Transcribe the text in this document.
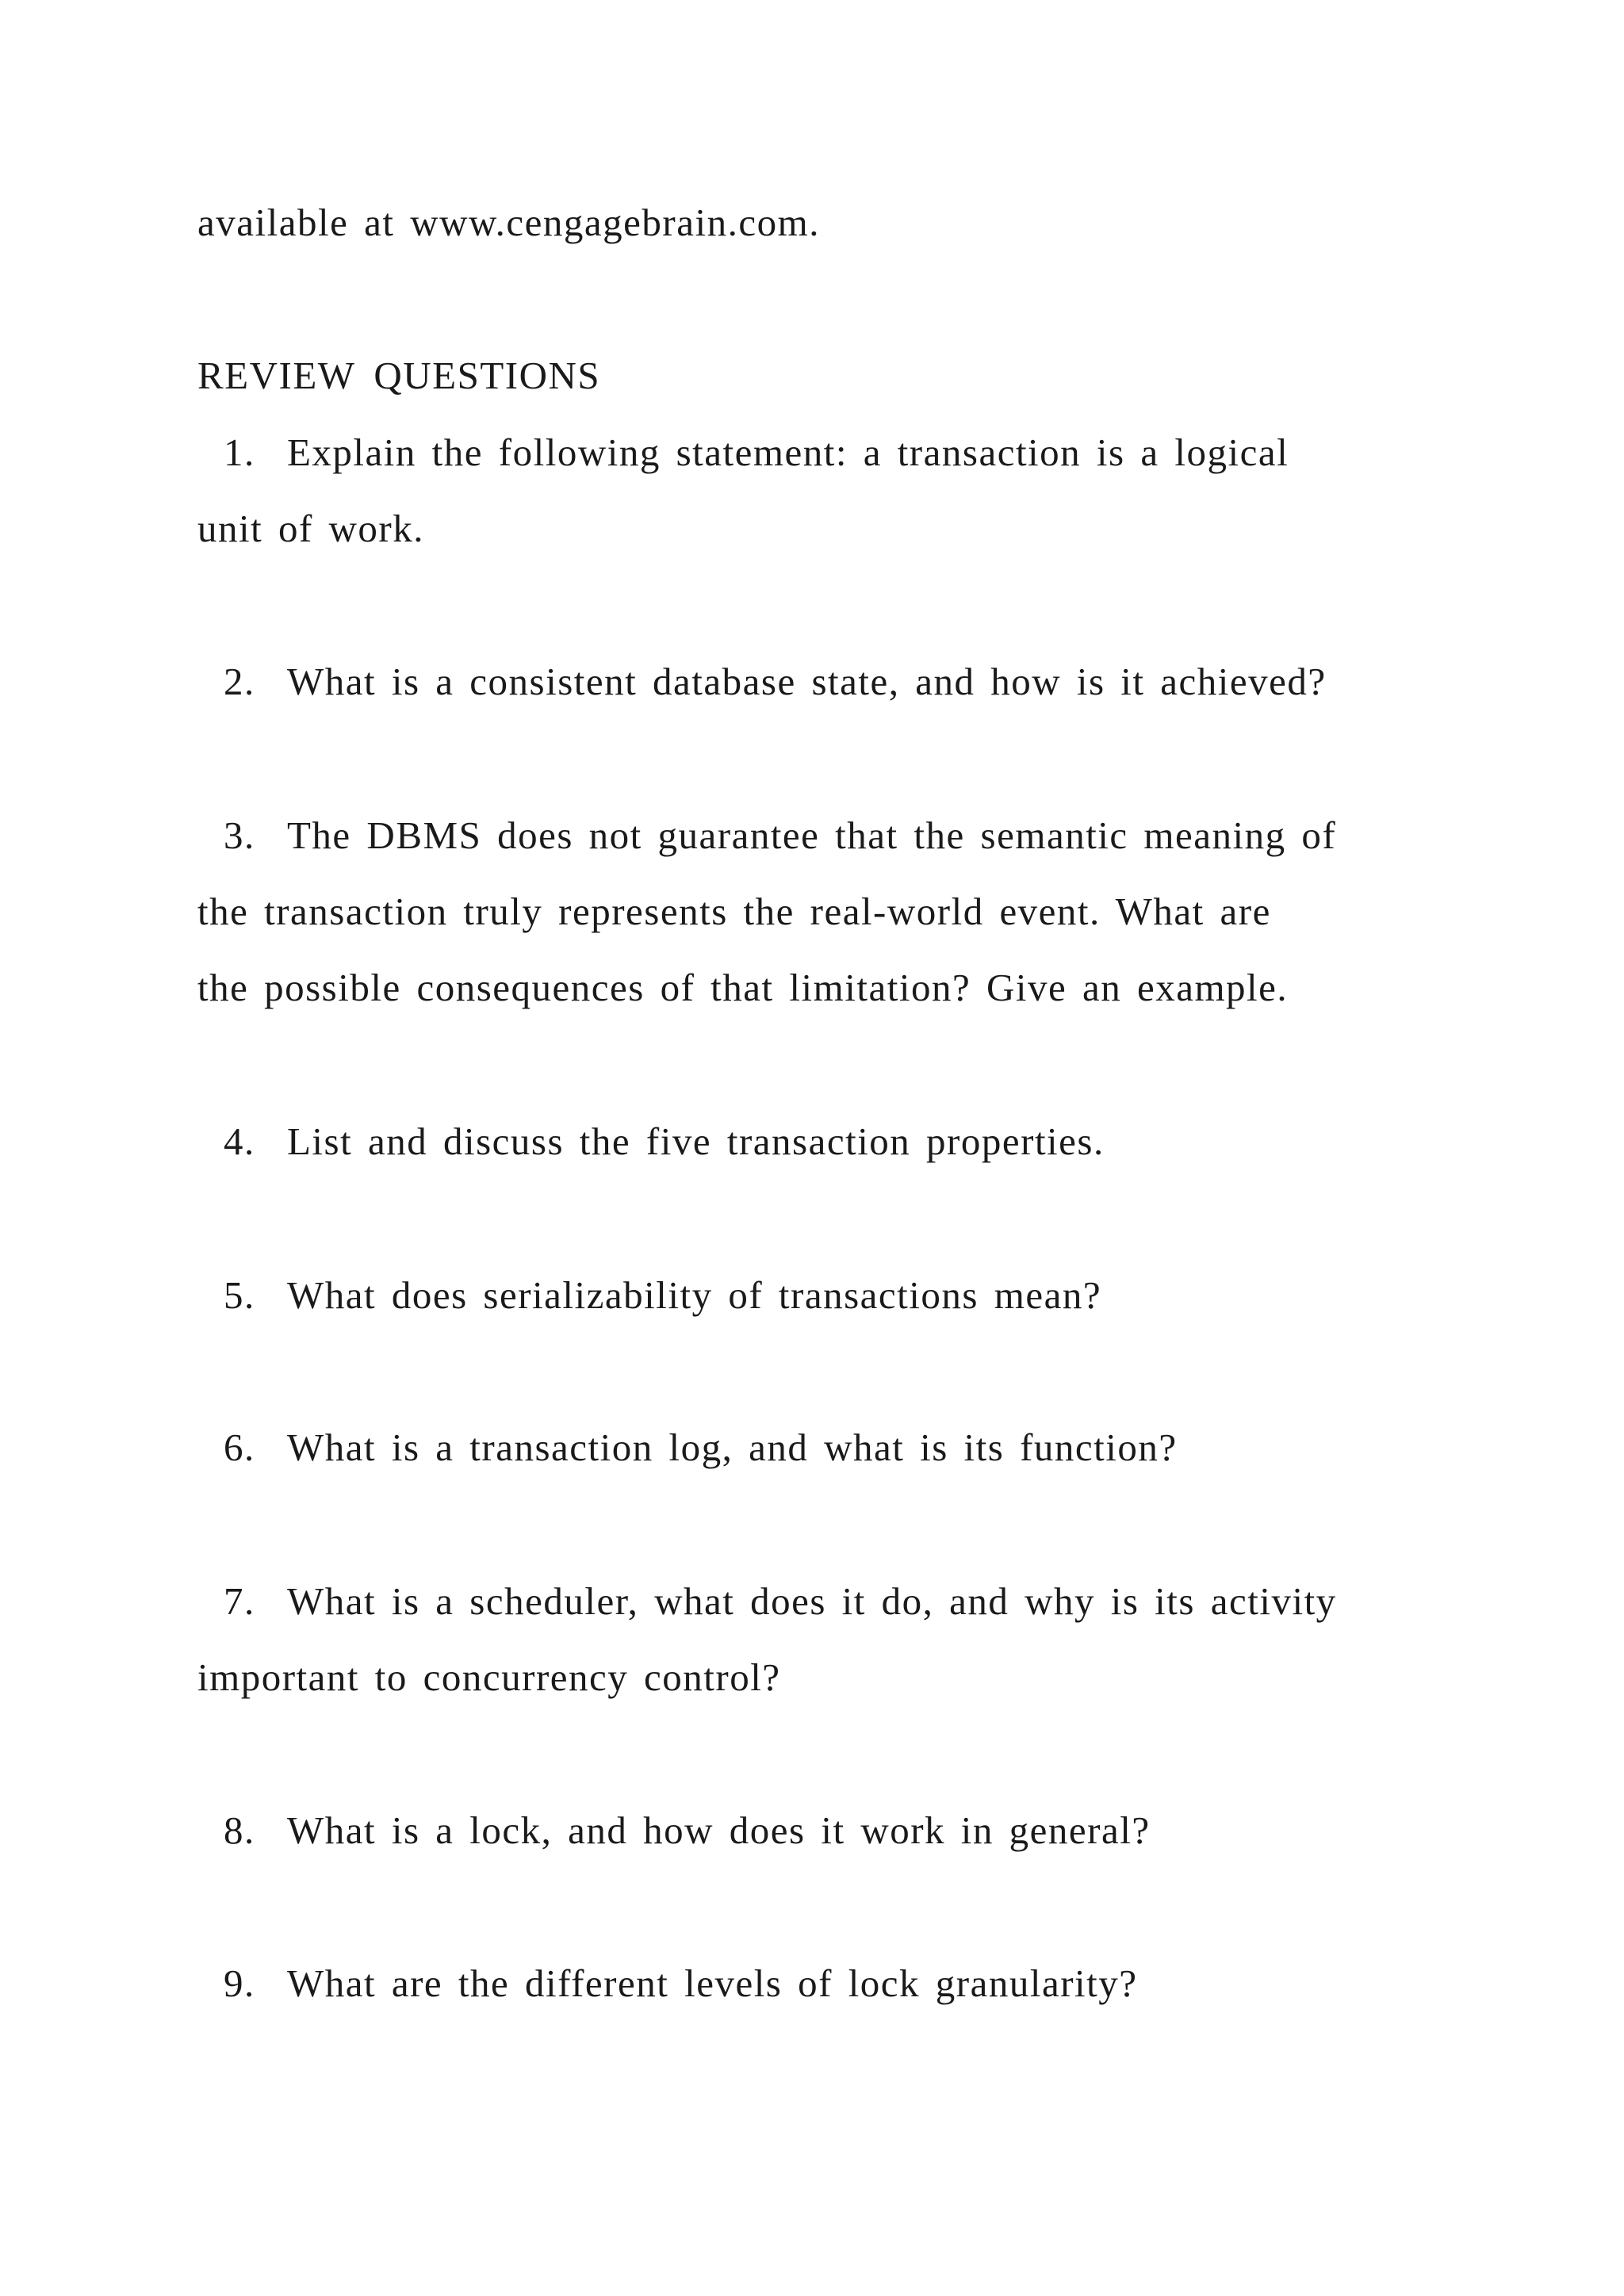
available at www.cengagebrain.com.
REVIEW QUESTIONS
1. Explain the following statement: a transaction is a logical
unit of work.
2. What is a consistent database state, and how is it achieved?
3. The DBMS does not guarantee that the semantic meaning of
the transaction truly represents the real-world event. What are
the possible consequences of that limitation? Give an example.
4. List and discuss the five transaction properties.
5. What does serializability of transactions mean?
6. What is a transaction log, and what is its function?
7. What is a scheduler, what does it do, and why is its activity
important to concurrency control?
8. What is a lock, and how does it work in general?
9. What are the different levels of lock granularity?
